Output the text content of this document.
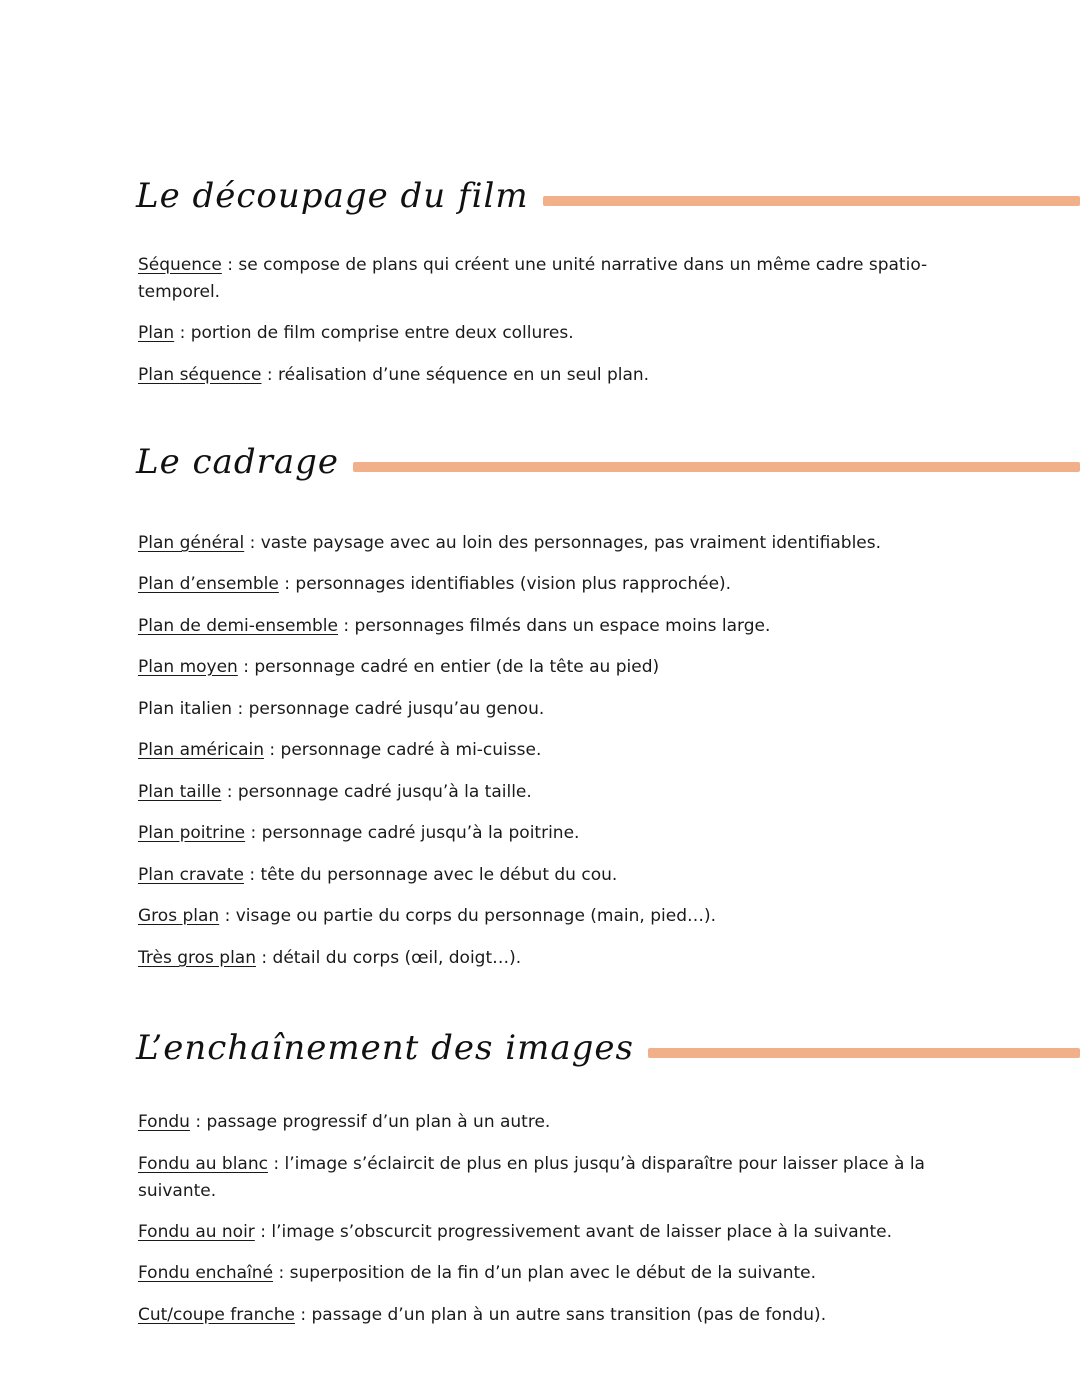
Le découpage du film
Séquence : se compose de plans qui créent une unité narrative dans un même cadre spatio-
temporel.
Plan : portion de film comprise entre deux collures.
Plan séquence : réalisation d’une séquence en un seul plan.
Le cadrage
Plan général : vaste paysage avec au loin des personnages, pas vraiment identifiables.
Plan d’ensemble : personnages identifiables (vision plus rapprochée).
Plan de demi-ensemble : personnages filmés dans un espace moins large.
Plan moyen : personnage cadré en entier (de la tête au pied)
Plan italien : personnage cadré jusqu’au genou.
Plan américain : personnage cadré à mi-cuisse.
Plan taille : personnage cadré jusqu’à la taille.
Plan poitrine : personnage cadré jusqu’à la poitrine.
Plan cravate : tête du personnage avec le début du cou.
Gros plan : visage ou partie du corps du personnage (main, pied…).
Très gros plan : détail du corps (œil, doigt…).
L’enchaînement des images
Fondu : passage progressif d’un plan à un autre.
Fondu au blanc : l’image s’éclaircit de plus en plus jusqu’à disparaître pour laisser place à la
suivante.
Fondu au noir : l’image s’obscurcit progressivement avant de laisser place à la suivante.
Fondu enchaîné : superposition de la fin d’un plan avec le début de la suivante.
Cut/coupe franche : passage d’un plan à un autre sans transition (pas de fondu).
